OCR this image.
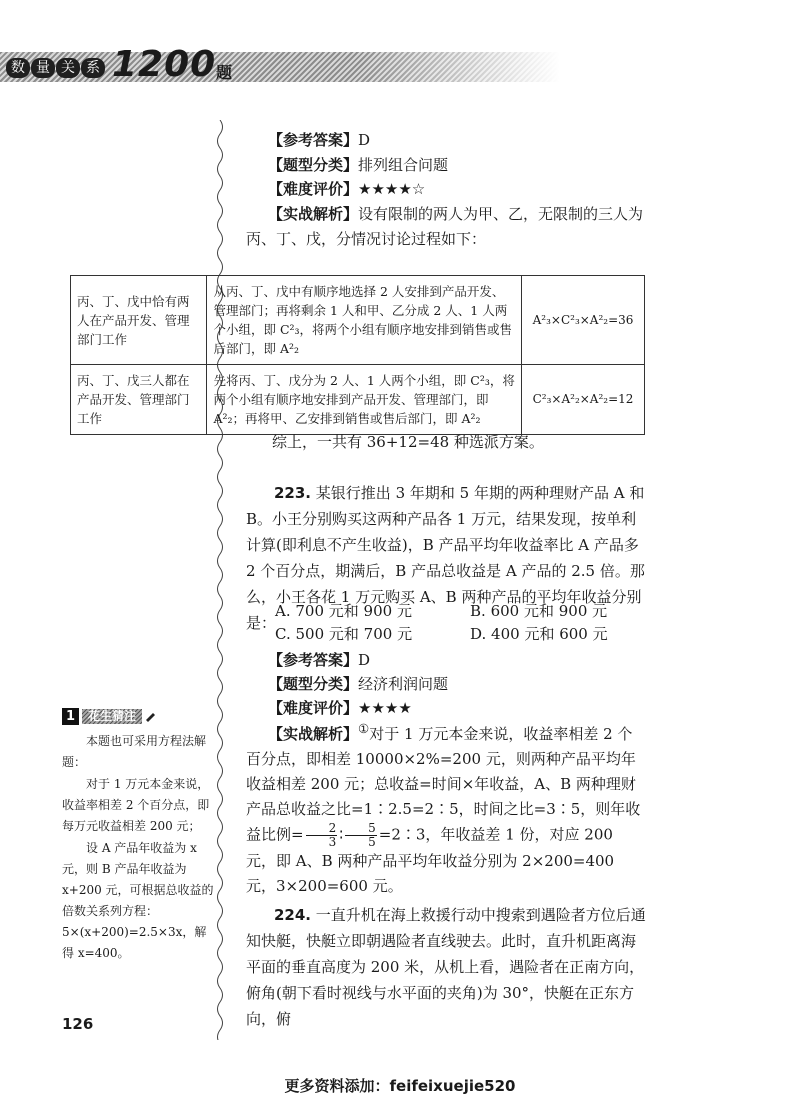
数 量 关 系 1200 题
【参考答案】D
【题型分类】排列组合问题
【难度评价】★★★★☆
【实战解析】设有限制的两人为甲、乙，无限制的三人为
丙、丁、戊，分情况讨论过程如下：
丙、丁、戊中恰有两人在产品开发、管理部门工作	从丙、丁、戊中有顺序地选择 2 人安排到产品开发、管理部门；再将剩余 1 人和甲、乙分成 2 人、1 人两个小组，即 C²₃，将两个小组有顺序地安排到销售或售后部门，即 A²₂	A²₃×C²₃×A²₂=36
丙、丁、戊三人都在产品开发、管理部门工作	先将丙、丁、戊分为 2 人、1 人两个小组，即 C²₃，将两个小组有顺序地安排到产品开发、管理部门，即 A²₂；再将甲、乙安排到销售或售后部门，即 A²₂	C²₃×A²₂×A²₂=12
综上，一共有 36+12=48 种选派方案。
223. 某银行推出 3 年期和 5 年期的两种理财产品 A 和 B。小王分别购买这两种产品各 1 万元，结果发现，按单利计算(即利息不产生收益)，B 产品平均年收益率比 A 产品多 2 个百分点，期满后，B 产品总收益是 A 产品的 2.5 倍。那么，小王各花 1 万元购买 A、B 两种产品的平均年收益分别是：
A. 700 元和 900 元	B. 600 元和 900 元
C. 500 元和 700 元	D. 400 元和 600 元
【参考答案】D
【题型分类】经济利润问题
【难度评价】★★★★
【实战解析】①对于 1 万元本金来说，收益率相差 2 个百分点，即相差 10000×2%=200 元，则两种产品平均年收益相差 200 元；总收益=时间×年收益，A、B 两种理财产品总收益之比=1∶2.5=2∶5，时间之比=3∶5，则年收益比例= $\frac{2}{3}$ ∶ $\frac{5}{5}$ =2∶3，年收益差 1 份，对应 200 元，即 A、B 两种产品平均年收益分别为 2×200=400 元，3×200=600 元。
1	花生猜注
本题也可采用方程法解题：
对于 1 万元本金来说，收益率相差 2 个百分点，即每万元收益相差 200 元；
设 A 产品年收益为 x 元，则 B 产品年收益为 x+200 元，可根据总收益的倍数关系列方程：5×(x+200)=2.5×3x，解得 x=400。
224. 一直升机在海上救援行动中搜索到遇险者方位后通知快艇，快艇立即朝遇险者直线驶去。此时，直升机距离海平面的垂直高度为 200 米，从机上看，遇险者在正南方向，俯角(朝下看时视线与水平面的夹角)为 30°，快艇在正东方向，俯
126
更多资料添加：feifeixuejie520
